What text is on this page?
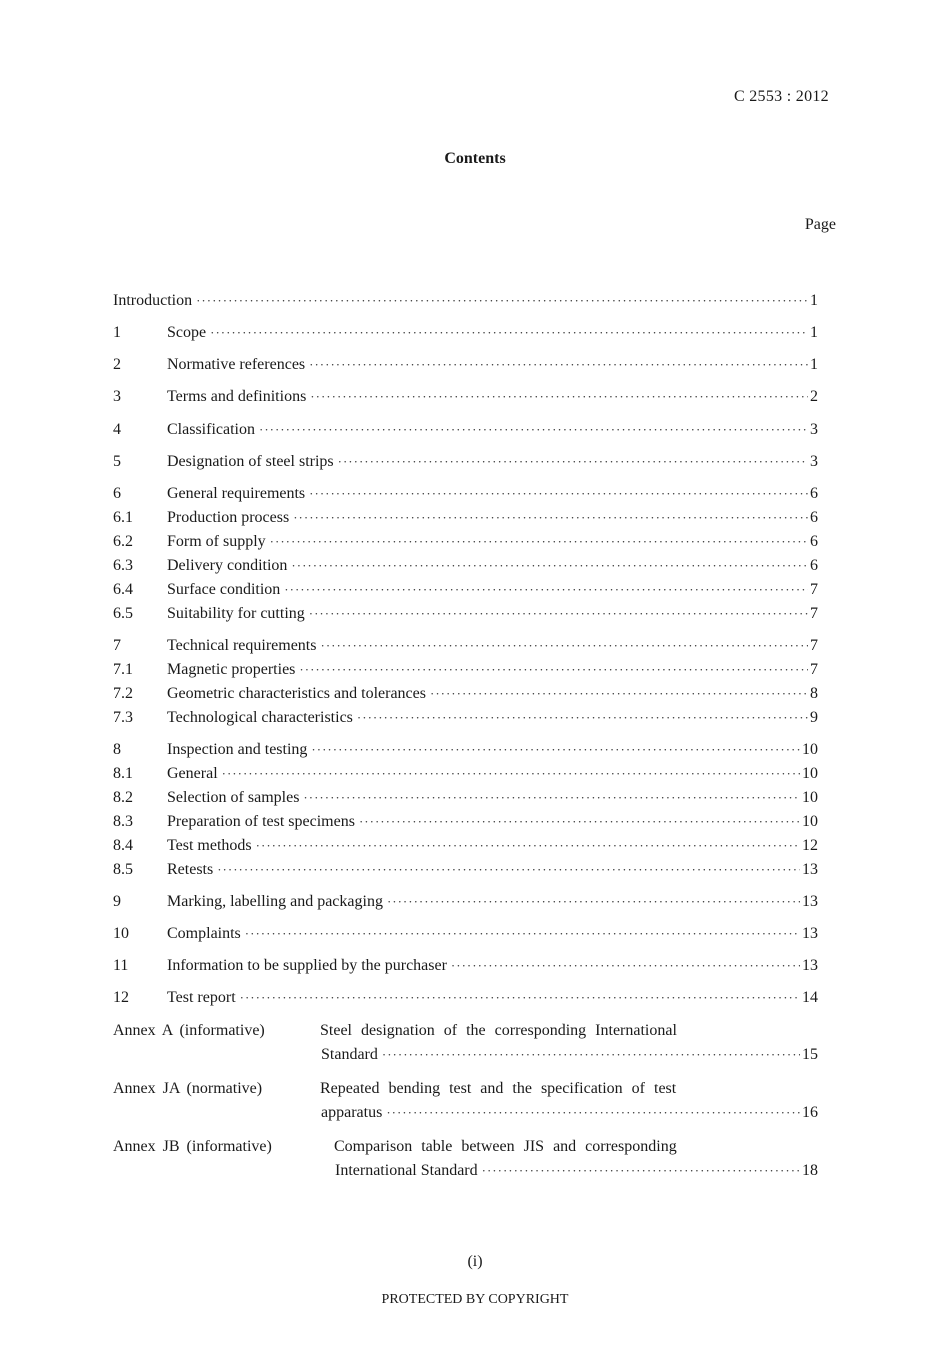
C 2553 : 2012
Contents
Page
Introduction ·····	1
1	Scope ·····	1
2	Normative references ·····	1
3	Terms and definitions ·····	2
4	Classification ·····	3
5	Designation of steel strips ·····	3
6	General requirements ·····	6
6.1	Production process ·····	6
6.2	Form of supply ·····	6
6.3	Delivery condition ·····	6
6.4	Surface condition ·····	7
6.5	Suitability for cutting ·····	7
7	Technical requirements ·····	7
7.1	Magnetic properties ·····	7
7.2	Geometric characteristics and tolerances ·····	8
7.3	Technological characteristics ·····	9
8	Inspection and testing ·····	10
8.1	General ·····	10
8.2	Selection of samples ·····	10
8.3	Preparation of test specimens ·····	10
8.4	Test methods ·····	12
8.5	Retests ·····	13
9	Marking, labelling and packaging ·····	13
10	Complaints ·····	13
11	Information to be supplied by the purchaser ·····	13
12	Test report ·····	14
Annex A (informative)	Steel designation of the corresponding International
Standard ·····	15
Annex JA (normative)	Repeated bending test and the specification of test
apparatus ·····	16
Annex JB (informative)	Comparison table between JIS and corresponding
International Standard ·····	18
(i)
PROTECTED BY COPYRIGHT
